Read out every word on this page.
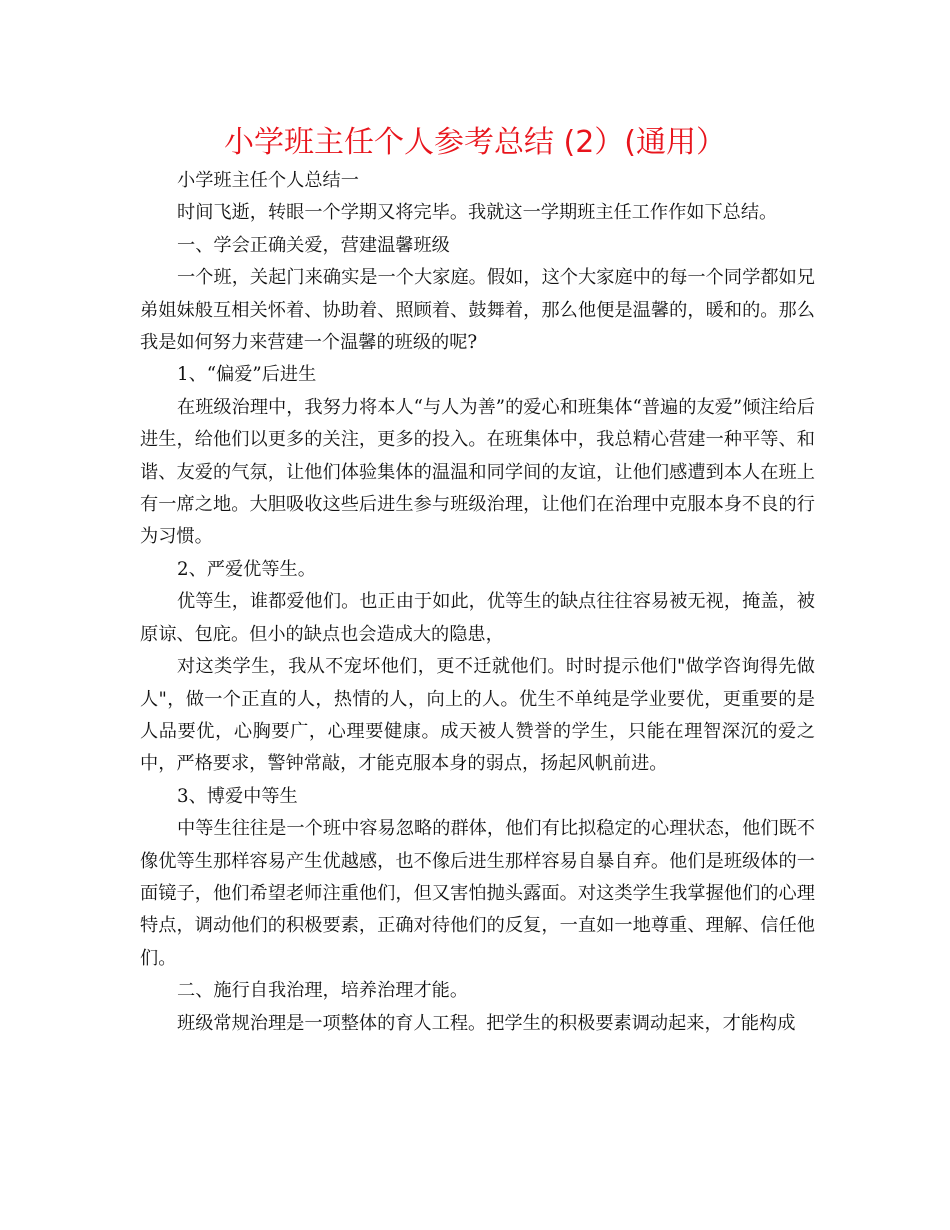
小学班主任个人参考总结 (2）(通用）

小学班主任个人总结一

时间飞逝，转眼一个学期又将完毕。我就这一学期班主任工作作如下总结。

一、学会正确关爱，营建温馨班级

一个班，关起门来确实是一个大家庭。假如，这个大家庭中的每一个同学都如兄弟姐妹般互相关怀着、协助着、照顾着、鼓舞着，那么他便是温馨的，暖和的。那么我是如何努力来营建一个温馨的班级的呢?

1、“偏爱”后进生

在班级治理中，我努力将本人“与人为善”的爱心和班集体“普遍的友爱”倾注给后进生，给他们以更多的关注，更多的投入。在班集体中，我总精心营建一种平等、和谐、友爱的气氛，让他们体验集体的温温和同学间的友谊，让他们感遭到本人在班上有一席之地。大胆吸收这些后进生参与班级治理，让他们在治理中克服本身不良的行为习惯。

2、严爱优等生。

优等生，谁都爱他们。也正由于如此，优等生的缺点往往容易被无视，掩盖，被原谅、包庇。但小的缺点也会造成大的隐患，

对这类学生，我从不宠坏他们，更不迁就他们。时时提示他们"做学咨询得先做人"，做一个正直的人，热情的人，向上的人。优生不单纯是学业要优，更重要的是人品要优，心胸要广，心理要健康。成天被人赞誉的学生，只能在理智深沉的爱之中，严格要求，警钟常敲，才能克服本身的弱点，扬起风帆前进。

3、博爱中等生

中等生往往是一个班中容易忽略的群体，他们有比拟稳定的心理状态，他们既不像优等生那样容易产生优越感，也不像后进生那样容易自暴自弃。他们是班级体的一面镜子，他们希望老师注重他们，但又害怕抛头露面。对这类学生我掌握他们的心理特点，调动他们的积极要素，正确对待他们的反复，一直如一地尊重、理解、信任他们。

二、施行自我治理，培养治理才能。

班级常规治理是一项整体的育人工程。把学生的积极要素调动起来，才能构成
